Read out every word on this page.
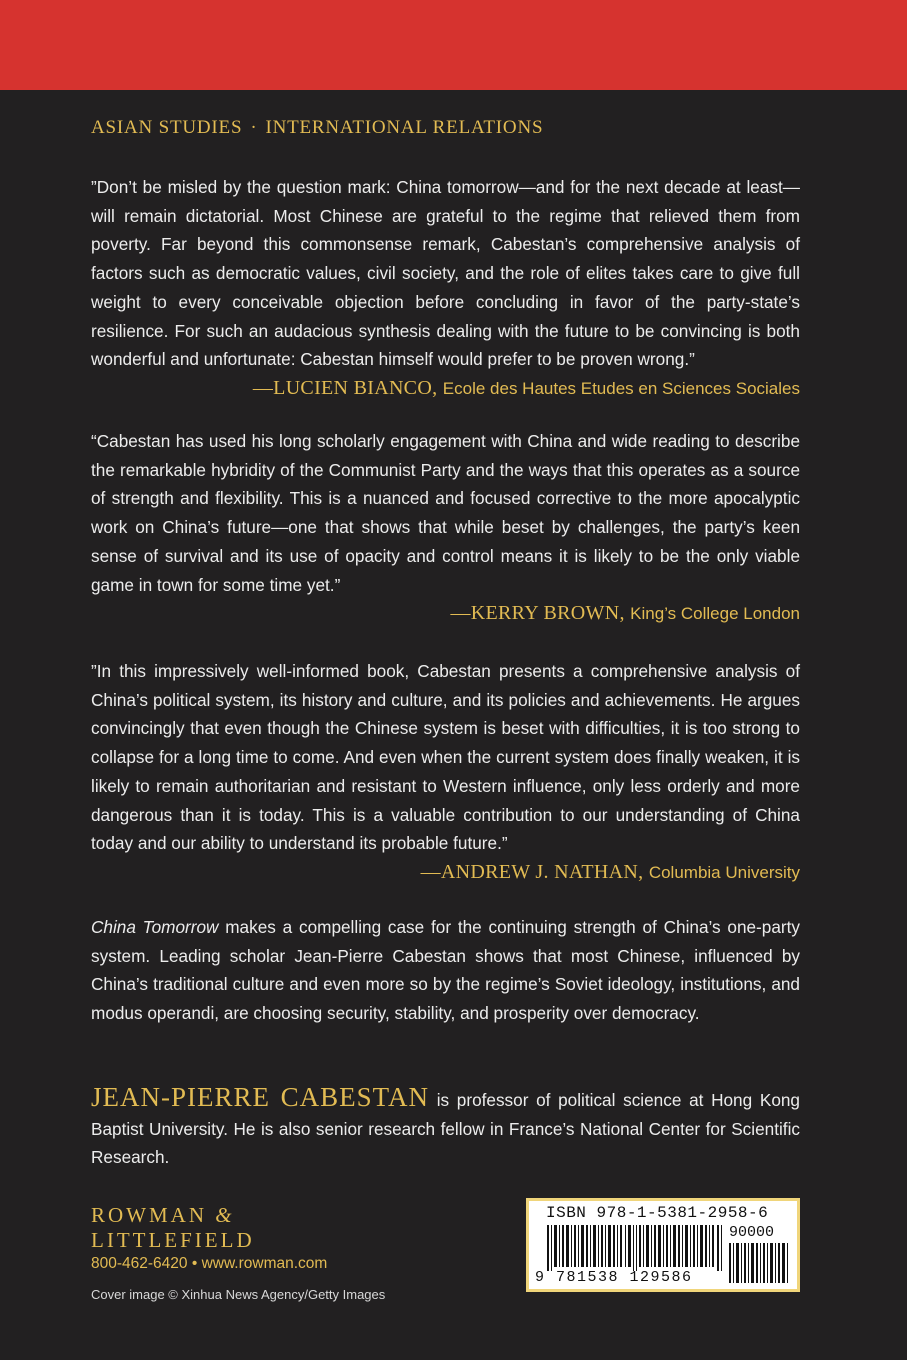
ASIAN STUDIES · INTERNATIONAL RELATIONS

”Don’t be misled by the question mark: China tomorrow—and for the next decade at least—will remain dictatorial. Most Chinese are grateful to the regime that relieved them from poverty. Far beyond this commonsense remark, Cabestan’s comprehensive analysis of factors such as democratic values, civil society, and the role of elites takes care to give full weight to every conceivable objection before concluding in favor of the party-state’s resilience. For such an audacious synthesis dealing with the future to be convincing is both wonderful and unfortunate: Cabestan himself would prefer to be proven wrong.”

—LUCIEN BIANCO, Ecole des Hautes Etudes en Sciences Sociales

“Cabestan has used his long scholarly engagement with China and wide reading to describe the remarkable hybridity of the Communist Party and the ways that this operates as a source of strength and flexibility. This is a nuanced and focused corrective to the more apocalyptic work on China’s future—one that shows that while beset by challenges, the party’s keen sense of survival and its use of opacity and control means it is likely to be the only viable game in town for some time yet.”

—KERRY BROWN, King’s College London

”In this impressively well-informed book, Cabestan presents a comprehensive analysis of China’s political system, its history and culture, and its policies and achievements. He argues convincingly that even though the Chinese system is beset with difficulties, it is too strong to collapse for a long time to come. And even when the current system does finally weaken, it is likely to remain authoritarian and resistant to Western influence, only less orderly and more dangerous than it is today. This is a valuable contribution to our understanding of China today and our ability to understand its probable future.”

—ANDREW J. NATHAN, Columbia University

China Tomorrow makes a compelling case for the continuing strength of China’s one-party system. Leading scholar Jean-Pierre Cabestan shows that most Chinese, influenced by China’s traditional culture and even more so by the regime’s Soviet ideology, institutions, and modus operandi, are choosing security, stability, and prosperity over democracy.

JEAN-PIERRE CABESTAN is professor of political science at Hong Kong Baptist University. He is also senior research fellow in France’s National Center for Scientific Research.

ROWMAN &
LITTLEFIELD
800-462-6420 • www.rowman.com
Cover image © Xinhua News Agency/Getty Images
ISBN 978-1-5381-2958-6
90000
9 781538 129586
